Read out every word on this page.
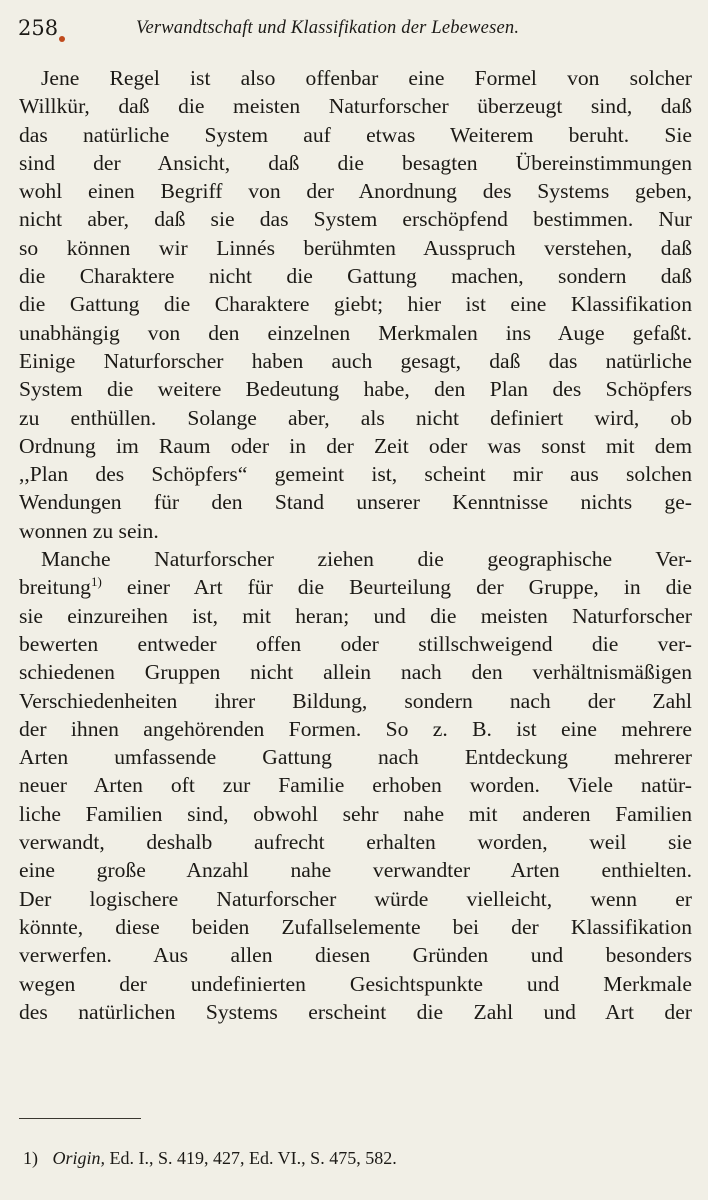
258	Verwandtschaft und Klassifikation der Lebewesen.
Jene Regel ist also offenbar eine Formel von solcher
Willkür, daß die meisten Naturforscher überzeugt sind, daß
das natürliche System auf etwas Weiterem beruht. Sie
sind der Ansicht, daß die besagten Übereinstimmungen
wohl einen Begriff von der Anordnung des Systems geben,
nicht aber, daß sie das System erschöpfend bestimmen. Nur
so können wir Linnés berühmten Ausspruch verstehen, daß
die Charaktere nicht die Gattung machen, sondern daß
die Gattung die Charaktere giebt; hier ist eine Klassifikation
unabhängig von den einzelnen Merkmalen ins Auge gefaßt.
Einige Naturforscher haben auch gesagt, daß das natürliche
System die weitere Bedeutung habe, den Plan des Schöpfers
zu enthüllen. Solange aber, als nicht definiert wird, ob
Ordnung im Raum oder in der Zeit oder was sonst mit dem
,,Plan des Schöpfers“ gemeint ist, scheint mir aus solchen
Wendungen für den Stand unserer Kenntnisse nichts ge-
wonnen zu sein.
Manche Naturforscher ziehen die geographische Ver-
breitung$^{1)}$ einer Art für die Beurteilung der Gruppe, in die
sie einzureihen ist, mit heran; und die meisten Naturforscher
bewerten entweder offen oder stillschweigend die ver-
schiedenen Gruppen nicht allein nach den verhältnismäßigen
Verschiedenheiten ihrer Bildung, sondern nach der Zahl
der ihnen angehörenden Formen. So z. B. ist eine mehrere
Arten umfassende Gattung nach Entdeckung mehrerer
neuer Arten oft zur Familie erhoben worden. Viele natür-
liche Familien sind, obwohl sehr nahe mit anderen Familien
verwandt, deshalb aufrecht erhalten worden, weil sie
eine große Anzahl nahe verwandter Arten enthielten.
Der logischere Naturforscher würde vielleicht, wenn er
könnte, diese beiden Zufallselemente bei der Klassifikation
verwerfen. Aus allen diesen Gründen und besonders
wegen der undefinierten Gesichtspunkte und Merkmale
des natürlichen Systems erscheint die Zahl und Art der
1) Origin, Ed. I., S. 419, 427, Ed. VI., S. 475, 582.
